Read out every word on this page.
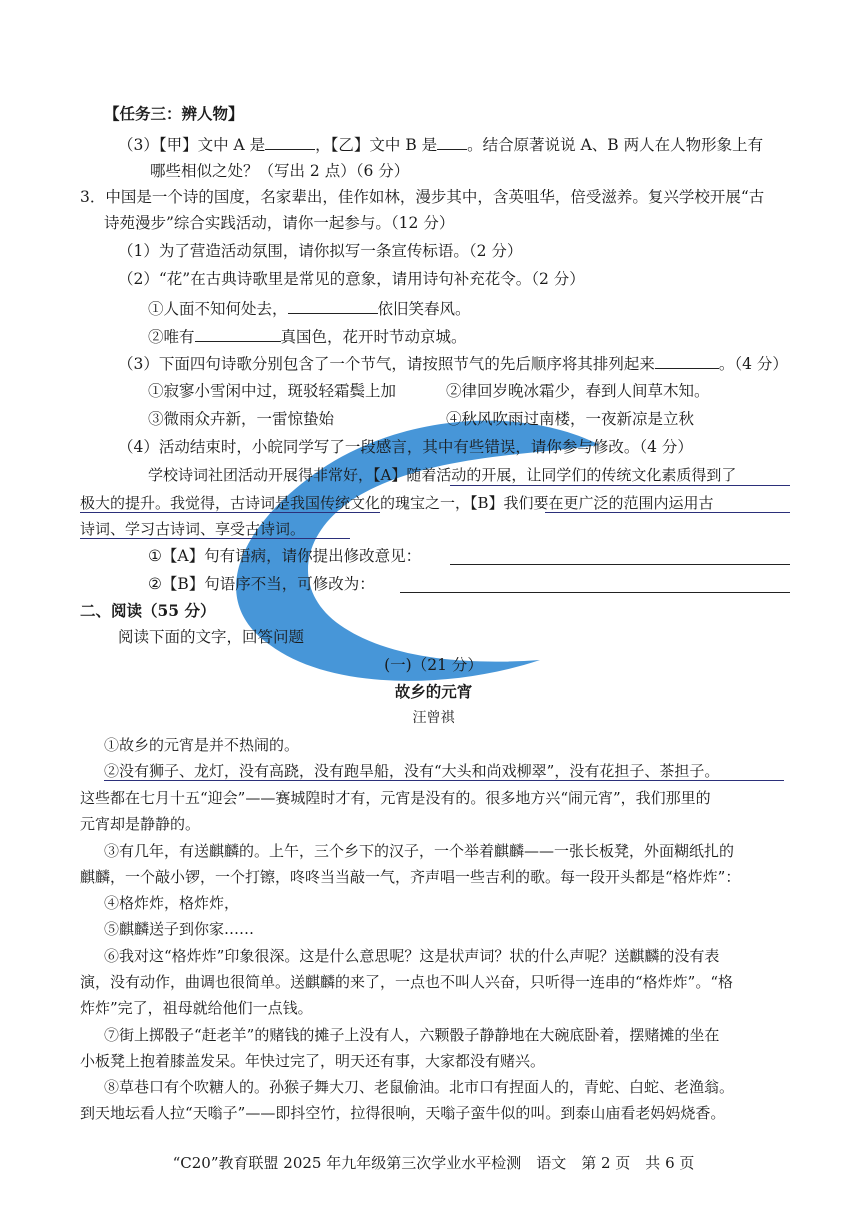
【任务三：辨人物】
（3）【甲】文中 A 是	，【乙】文中 B 是 。结合原著说说 A、B 两人在人物形象上有
哪些相似之处？（写出 2 点）（6 分）
3．中国是一个诗的国度，名家辈出，佳作如林，漫步其中，含英咀华，倍受滋养。复兴学校开展“古
诗苑漫步”综合实践活动，请你一起参与。（12 分）
（1）为了营造活动氛围，请你拟写一条宣传标语。（2 分）
（2）“花”在古典诗歌里是常见的意象，请用诗句补充花令。（2 分）
①人面不知何处去，	依旧笑春风。
②唯有	真国色，花开时节动京城。
（3）下面四句诗歌分别包含了一个节气，请按照节气的先后顺序将其排列起来	。（4 分）
①寂寥小雪闲中过，斑驳轻霜鬓上加	②律回岁晚冰霜少，春到人间草木知。
③微雨众卉新，一雷惊蛰始	④秋风吹雨过南楼，一夜新凉是立秋
（4）活动结束时，小皖同学写了一段感言，其中有些错误，请你参与修改。（4 分）
学校诗词社团活动开展得非常好，【A】随着活动的开展，让同学们的传统文化素质得到了
极大的提升。我觉得，古诗词是我国传统文化的瑰宝之一，【B】我们要在更广泛的范围内运用古
诗词、学习古诗词、享受古诗词。
①【A】句有语病，请你提出修改意见：
②【B】句语序不当，可修改为：
二、阅读（55 分）
阅读下面的文字，回答问题
(一)（21 分）
故乡的元宵
汪曾祺
①故乡的元宵是并不热闹的。
②没有狮子、龙灯，没有高跷，没有跑旱船，没有“大头和尚戏柳翠”，没有花担子、茶担子。
这些都在七月十五“迎会”——赛城隍时才有，元宵是没有的。很多地方兴“闹元宵”，我们那里的
元宵却是静静的。
③有几年，有送麒麟的。上午，三个乡下的汉子，一个举着麒麟——一张长板凳，外面糊纸扎的
麒麟，一个敲小锣，一个打镲，咚咚当当敲一气，齐声唱一些吉利的歌。每一段开头都是“格炸炸”：
④格炸炸，格炸炸，
⑤麒麟送子到你家……
⑥我对这“格炸炸”印象很深。这是什么意思呢？这是状声词？状的什么声呢？送麒麟的没有表
演，没有动作，曲调也很简单。送麒麟的来了，一点也不叫人兴奋，只听得一连串的“格炸炸”。“格
炸炸”完了，祖母就给他们一点钱。
⑦街上掷骰子“赶老羊”的赌钱的摊子上没有人，六颗骰子静静地在大碗底卧着，摆赌摊的坐在
小板凳上抱着膝盖发呆。年快过完了，明天还有事，大家都没有赌兴。
⑧草巷口有个吹糖人的。孙猴子舞大刀、老鼠偷油。北市口有捏面人的，青蛇、白蛇、老渔翁。
到天地坛看人拉“天嗡子”——即抖空竹，拉得很响，天嗡子蛮牛似的叫。到泰山庙看老妈妈烧香。
“C20”教育联盟 2025 年九年级第三次学业水平检测　语文　第 2 页　共 6 页
